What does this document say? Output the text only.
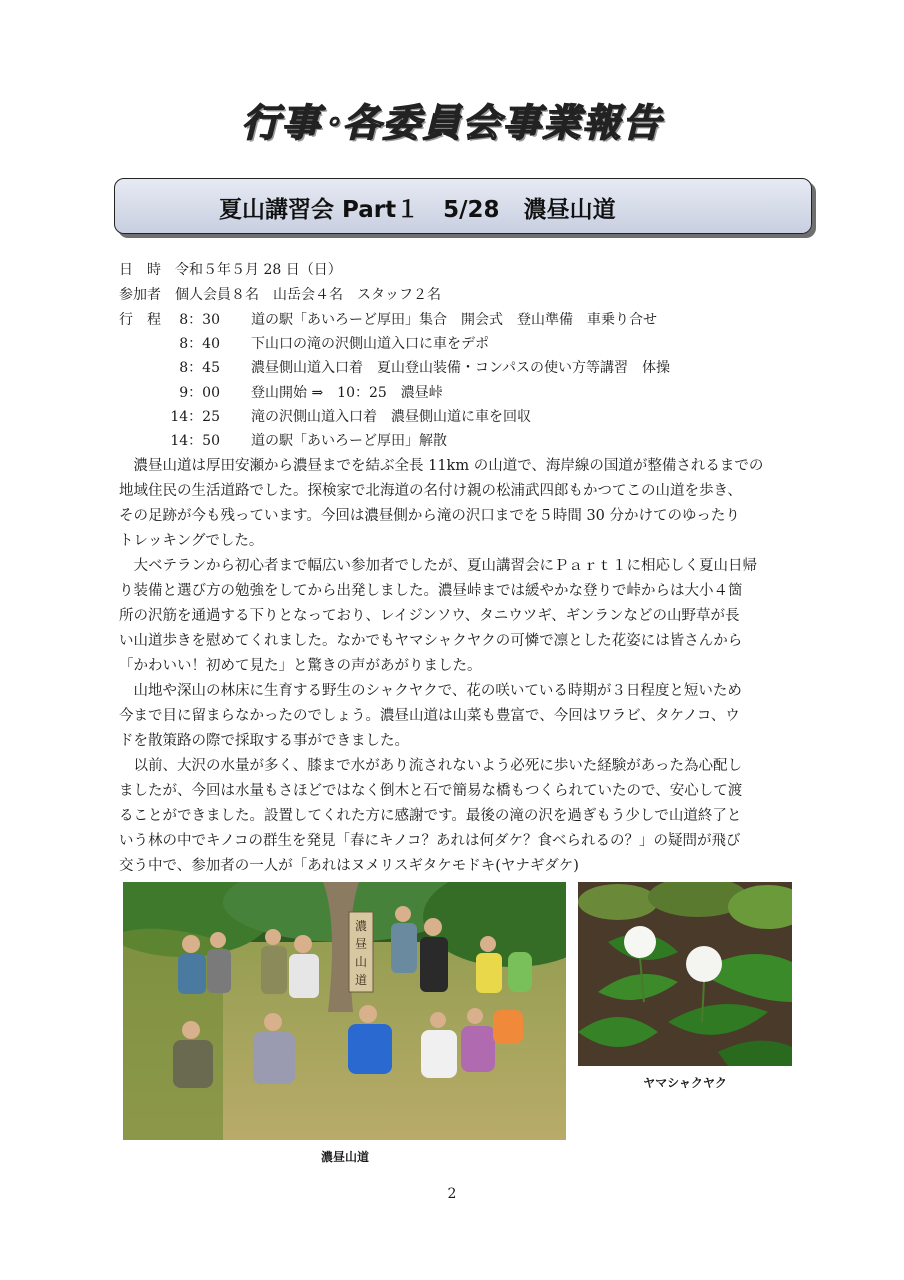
行事･各委員会事業報告
夏山講習会 Part１ 5/28 濃昼山道
日　時　令和５年５月 28 日（日）
参加者　個人会員８名　山岳会４名　スタッフ２名
行　程	8：30 道の駅「あいろーど厚田」集合　開会式　登山準備　車乗り合せ
8：40 下山口の滝の沢側山道入口に車をデポ
8：45 濃昼側山道入口着　夏山登山装備・コンパスの使い方等講習　体操
9：00 登山開始 ⇒　10：25　濃昼峠
14：25 滝の沢側山道入口着　濃昼側山道に車を回収
14：50 道の駅「あいろーど厚田」解散
　濃昼山道は厚田安瀬から濃昼までを結ぶ全長 11km の山道で、海岸線の国道が整備されるまでの
地域住民の生活道路でした。探検家で北海道の名付け親の松浦武四郎もかつてこの山道を歩き、
その足跡が今も残っています。今回は濃昼側から滝の沢口までを５時間 30 分かけてのゆったり
トレッキングでした。
　大ベテランから初心者まで幅広い参加者でしたが、夏山講習会にＰａｒｔ１に相応しく夏山日帰
り装備と選び方の勉強をしてから出発しました。濃昼峠までは緩やかな登りで峠からは大小４箇
所の沢筋を通過する下りとなっており、レイジンソウ、タニウツギ、ギンランなどの山野草が長
い山道歩きを慰めてくれました。なかでもヤマシャクヤクの可憐で凛とした花姿には皆さんから
「かわいい！初めて見た」と驚きの声があがりました。
　山地や深山の林床に生育する野生のシャクヤクで、花の咲いている時期が３日程度と短いため
今まで目に留まらなかったのでしょう。濃昼山道は山菜も豊富で、今回はワラビ、タケノコ、ウ
ドを散策路の際で採取する事ができました。
　以前、大沢の水量が多く、膝まで水があり流されないよう必死に歩いた経験があった為心配し
ましたが、今回は水量もさほどではなく倒木と石で簡易な橋もつくられていたので、安心して渡
ることができました。設置してくれた方に感謝です。最後の滝の沢を過ぎもう少しで山道終了と
いう林の中でキノコの群生を発見「春にキノコ？あれは何ダケ？食べられるの？」の疑問が飛び
交う中で、参加者の一人が「あれはヌメリスギタケモドキ(ヤナギダケ)
濃
昼
山
道
濃昼山道
ヤマシャクヤク
2
